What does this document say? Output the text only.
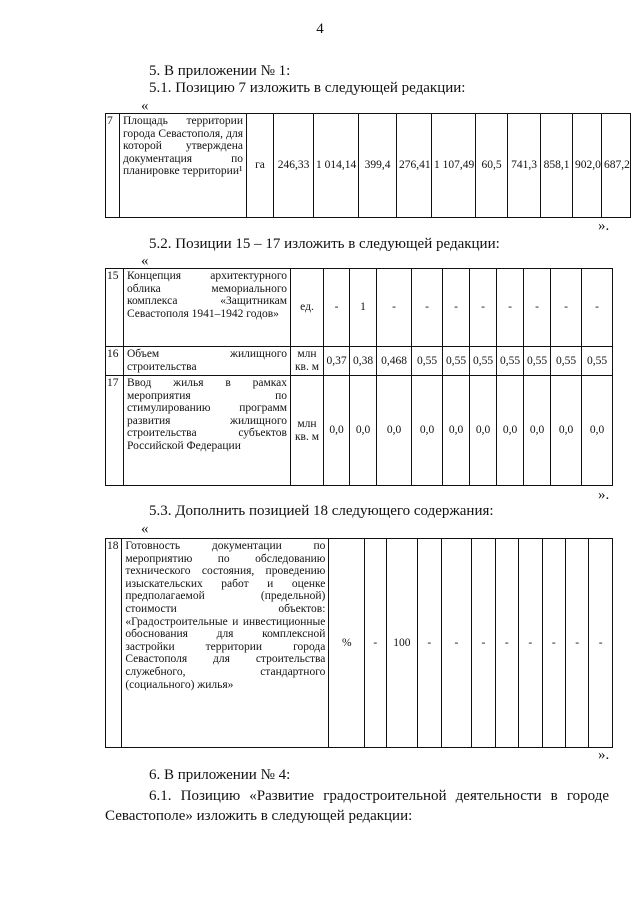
4
5. В приложении № 1:
5.1. Позицию 7 изложить в следующей редакции:
«
7	Площадь территории города Севастополя, для которой утверждена документация по планировке территории¹	га	246,33	1 014,14	399,4	276,41	1 107,49	60,5	741,3	858,1	902,0	687,2
».
5.2. Позиции 15 – 17 изложить в следующей редакции:
«
15	Концепция архитектурного облика мемориального комплекса «Защитникам Севастополя 1941–1942 годов»	ед.	-	1	-	-	-	-	-	-	-	-
16	Объем жилищного строительства	млн кв. м	0,37	0,38	0,468	0,55	0,55	0,55	0,55	0,55	0,55	0,55
17	Ввод жилья в рамках мероприятия по стимулированию программ развития жилищного строительства субъектов Российской Федерации	млн кв. м	0,0	0,0	0,0	0,0	0,0	0,0	0,0	0,0	0,0	0,0
».
5.3. Дополнить позицией 18 следующего содержания:
«
18	Готовность документации по мероприятию по обследованию технического состояния, проведению изыскательских работ и оценке предполагаемой (предельной) стоимости объектов: «Градостроительные и инвестиционные обоснования для комплексной застройки территории города Севастополя для строительства служебного, стандартного (социального) жилья»	%	-	100	-	-	-	-	-	-	-	-
».
6. В приложении № 4:
6.1. Позицию «Развитие градостроительной деятельности в городе Севастополе» изложить в следующей редакции:
